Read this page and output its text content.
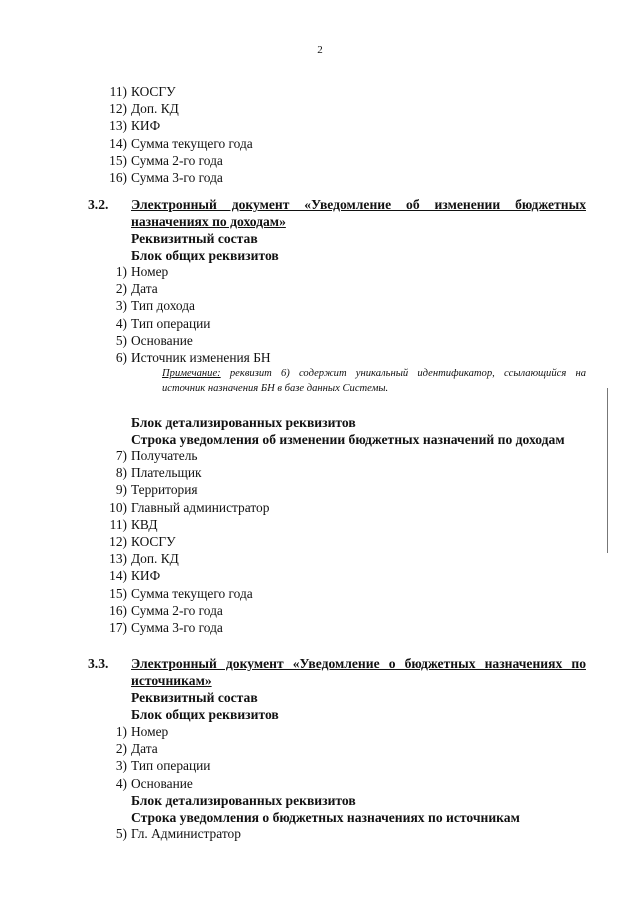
2
11) КОСГУ
12) Доп. КД
13) КИФ
14) Сумма текущего года
15) Сумма 2-го года
16) Сумма 3-го года
3.2. Электронный документ «Уведомление об изменении бюджетных
назначениях по доходам»
Реквизитный состав
Блок общих реквизитов
1) Номер
2) Дата
3) Тип дохода
4) Тип операции
5) Основание
6) Источник изменения БН
Примечание: реквизит 6) содержит уникальный идентификатор, ссылающийся на
источник назначения БН в базе данных Системы.
Блок детализированных реквизитов
Строка уведомления об изменении бюджетных назначений по доходам
7) Получатель
8) Плательщик
9) Территория
10) Главный администратор
11) КВД
12) КОСГУ
13) Доп. КД
14) КИФ
15) Сумма текущего года
16) Сумма 2-го года
17) Сумма 3-го года
3.3. Электронный документ «Уведомление о бюджетных назначениях по
источникам»
Реквизитный состав
Блок общих реквизитов
1) Номер
2) Дата
3) Тип операции
4) Основание
Блок детализированных реквизитов
Строка уведомления о бюджетных назначениях по источникам
5) Гл. Администратор
